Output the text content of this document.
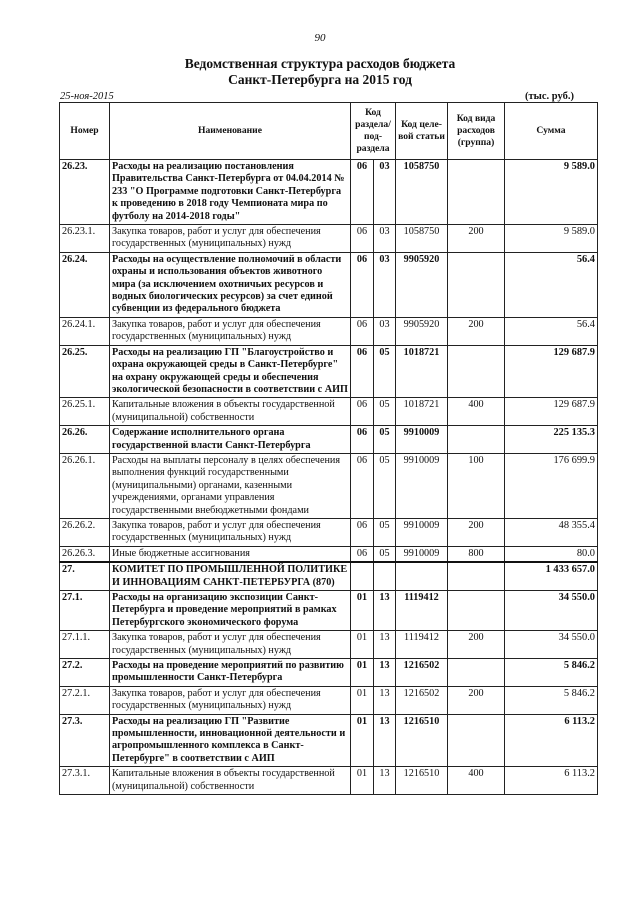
90
Ведомственная структура расходов бюджета
Санкт-Петербурга на 2015 год
25-ноя-2015	(тыс. руб.)
Номер	Наименование	Код раздела/ под- раздела		Код целе- вой статьи	Код вида расходов (группа)	Сумма
26.23.	Расходы на реализацию постановления Правительства Санкт-Петербурга от 04.04.2014 № 233 "О Программе подготовки Санкт-Петербурга к проведению в 2018 году Чемпионата мира по футболу на 2014-2018 годы"	06	03	1058750		9 589.0
26.23.1.	Закупка товаров, работ и услуг для обеспечения государственных (муниципальных) нужд	06	03	1058750	200	9 589.0
26.24.	Расходы на осуществление полномочий в области охраны и использования объектов животного мира (за исключением охотничьих ресурсов и водных биологических ресурсов) за счет единой субвенции из федерального бюджета	06	03	9905920		56.4
26.24.1.	Закупка товаров, работ и услуг для обеспечения государственных (муниципальных) нужд	06	03	9905920	200	56.4
26.25.	Расходы на реализацию ГП "Благоустройство и охрана окружающей среды в Санкт-Петербурге" на охрану окружающей среды и обеспечения экологической безопасности в соответствии с АИП	06	05	1018721		129 687.9
26.25.1.	Капитальные вложения в объекты государственной (муниципальной) собственности	06	05	1018721	400	129 687.9
26.26.	Содержание исполнительного органа государственной власти Санкт-Петербурга	06	05	9910009		225 135.3
26.26.1.	Расходы на выплаты персоналу в целях обеспечения выполнения функций государственными (муниципальными) органами, казенными учреждениями, органами управления государственными внебюджетными фондами	06	05	9910009	100	176 699.9
26.26.2.	Закупка товаров, работ и услуг для обеспечения государственных (муниципальных) нужд	06	05	9910009	200	48 355.4
26.26.3.	Иные бюджетные ассигнования	06	05	9910009	800	80.0
27.	КОМИТЕТ ПО ПРОМЫШЛЕННОЙ ПОЛИТИКЕ И ИННОВАЦИЯМ САНКТ-ПЕТЕРБУРГА (870)					1 433 657.0
27.1.	Расходы на организацию экспозиции Санкт-Петербурга и проведение мероприятий в рамках Петербургского экономического форума	01	13	1119412		34 550.0
27.1.1.	Закупка товаров, работ и услуг для обеспечения государственных (муниципальных) нужд	01	13	1119412	200	34 550.0
27.2.	Расходы на проведение мероприятий по развитию промышленности Санкт-Петербурга	01	13	1216502		5 846.2
27.2.1.	Закупка товаров, работ и услуг для обеспечения государственных (муниципальных) нужд	01	13	1216502	200	5 846.2
27.3.	Расходы на реализацию ГП "Развитие промышленности, инновационной деятельности и агропромышленного комплекса в Санкт-Петербурге" в соответствии с АИП	01	13	1216510		6 113.2
27.3.1.	Капитальные вложения в объекты государственной (муниципальной) собственности	01	13	1216510	400	6 113.2
